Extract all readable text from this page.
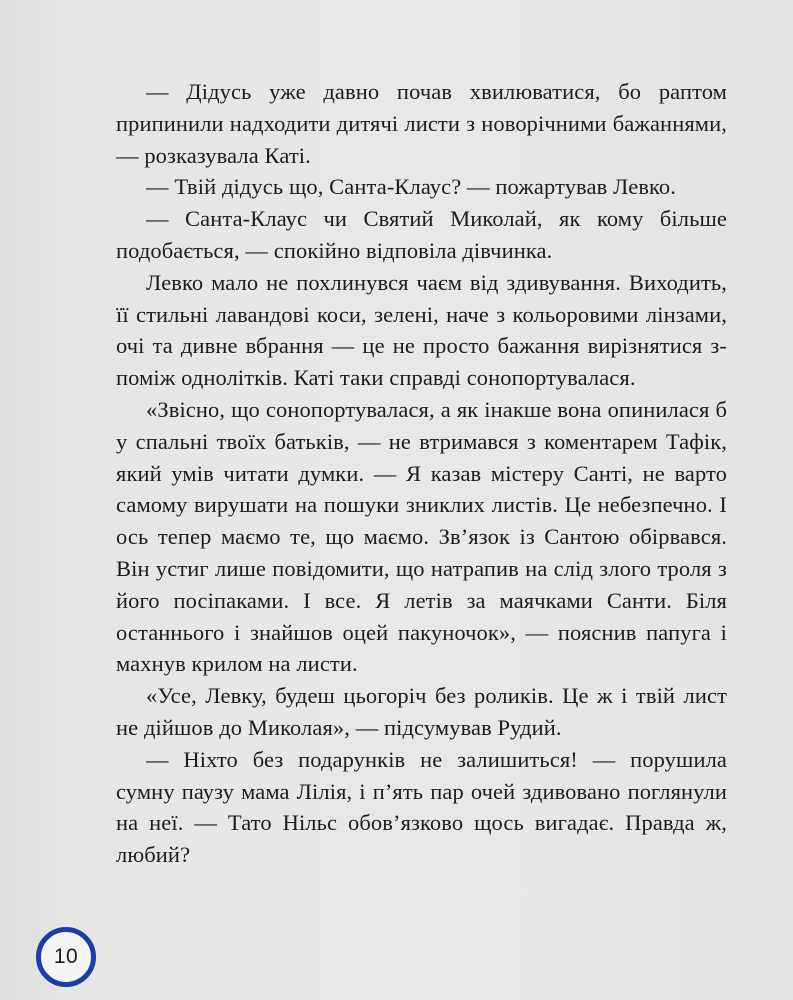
— Дідусь уже давно почав хвилюватися, бо раптом припинили надходити дитячі листи з новорічними бажаннями, — розказувала Каті.

— Твій дідусь що, Санта-Клаус? — пожартував Левко.

— Санта-Клаус чи Святий Миколай, як кому більше подобається, — спокійно відповіла дівчинка.

Левко мало не похлинувся чаєм від здивування. Виходить, її стильні лавандові коси, зелені, наче з кольоровими лінзами, очі та дивне вбрання — це не просто бажання вирізнятися з-поміж однолітків. Каті таки справді сонопортувалася.

«Звісно, що сонопортувалася, а як інакше вона опинилася б у спальні твоїх батьків, — не втримався з коментарем Тафік, який умів читати думки. — Я казав містеру Санті, не варто самому вирушати на пошуки зниклих листів. Це небезпечно. І ось тепер маємо те, що маємо. Зв’язок із Сантою обірвався. Він устиг лише повідомити, що натрапив на слід злого троля з його посіпаками. І все. Я летів за маячками Санти. Біля останнього і знайшов оцей пакуночок», — пояснив папуга і махнув крилом на листи.

«Усе, Левку, будеш цьогоріч без роликів. Це ж і твій лист не дійшов до Миколая», — підсумував Рудий.

— Ніхто без подарунків не залишиться! — порушила сумну паузу мама Лілія, і п’ять пар очей здивовано поглянули на неї. — Тато Нільс обов’язково щось вигадає. Правда ж, любий?

10
